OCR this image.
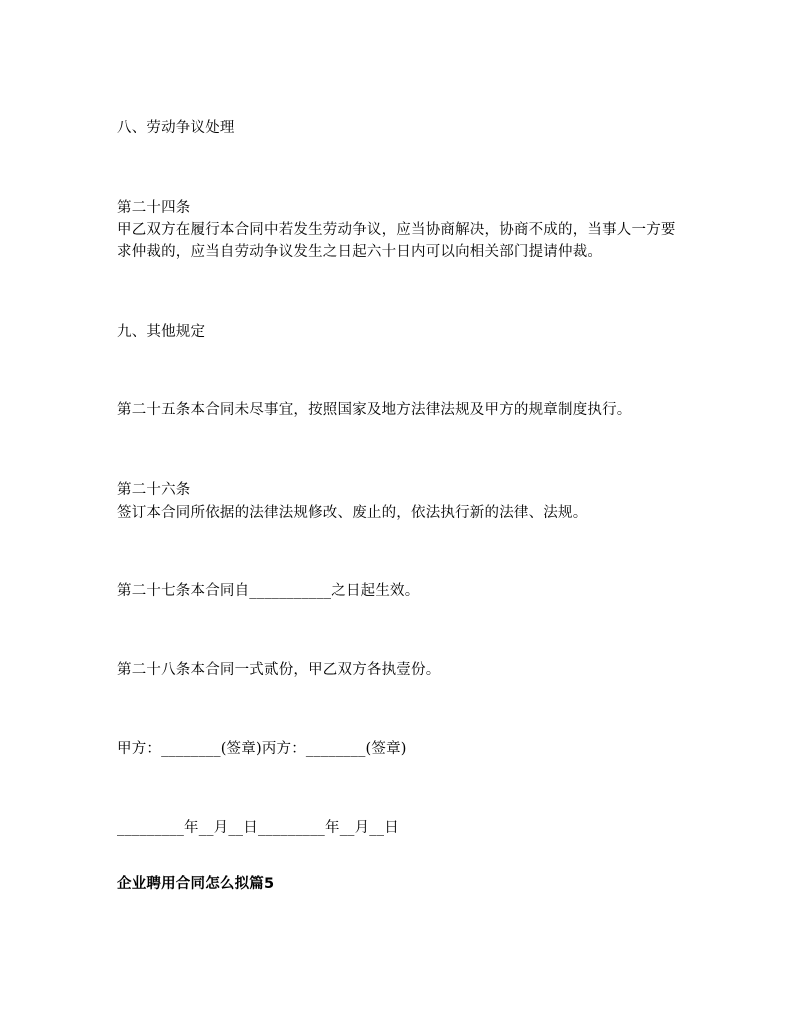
八、劳动争议处理
第二十四条
甲乙双方在履行本合同中若发生劳动争议，应当协商解决，协商不成的，当事人一方要求仲裁的，应当自劳动争议发生之日起六十日内可以向相关部门提请仲裁。
九、其他规定
第二十五条本合同未尽事宜，按照国家及地方法律法规及甲方的规章制度执行。
第二十六条
签订本合同所依据的法律法规修改、废止的，依法执行新的法律、法规。
第二十七条本合同自___________之日起生效。
第二十八条本合同一式贰份，甲乙双方各执壹份。
甲方：________(签章)丙方：________(签章)
_________年__月__日_________年__月__日
企业聘用合同怎么拟篇5
